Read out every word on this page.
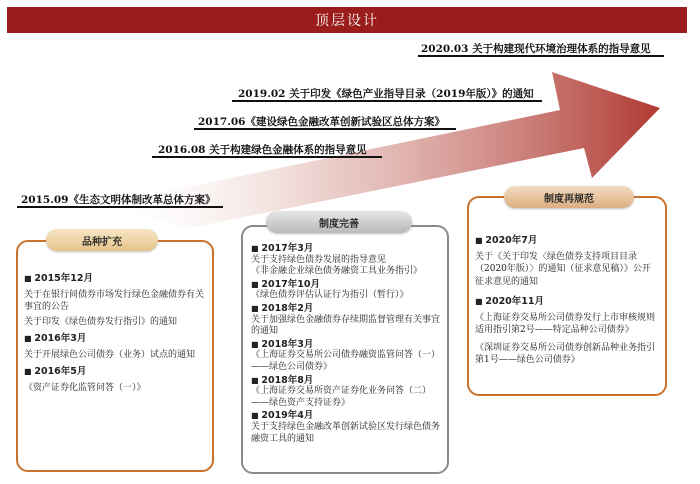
顶层设计
2020.03 关于构建现代环境治理体系的指导意见
2019.02 关于印发《绿色产业指导目录（2019年版）》的通知
2017.06《建设绿色金融改革创新试验区总体方案》
2016.08 关于构建绿色金融体系的指导意见
2015.09《生态文明体制改革总体方案》
品种扩充
■ 2015年12月
关于在银行间债券市场发行绿色金融债券有关事宜的公告
关于印发《绿色债券发行指引》的通知
■ 2016年3月
关于开展绿色公司债券（业务）试点的通知
■ 2016年5月
《资产证券化监管问答（一）》
制度完善
■ 2017年3月
关于支持绿色债券发展的指导意见
《非金融企业绿色债务融资工具业务指引》
■ 2017年10月
《绿色债券评估认证行为指引（暂行）》
■ 2018年2月
关于加强绿色金融债券存续期监督管理有关事宜的通知
■ 2018年3月
《上海证券交易所公司债券融资监管问答（一）——绿色公司债券》
■ 2018年8月
《上海证券交易所资产证券化业务问答（二）——绿色资产支持证券》
■ 2019年4月
关于支持绿色金融改革创新试验区发行绿色债务融资工具的通知
制度再规范
■ 2020年7月
关于《关于印发〈绿色债券支持项目目录（2020年版）〉的通知（征求意见稿）》公开征求意见的通知
■ 2020年11月
《上海证券交易所公司债券发行上市审核规则适用指引第2号——特定品种公司债券》
《深圳证券交易所公司债券创新品种业务指引第1号——绿色公司债券》
